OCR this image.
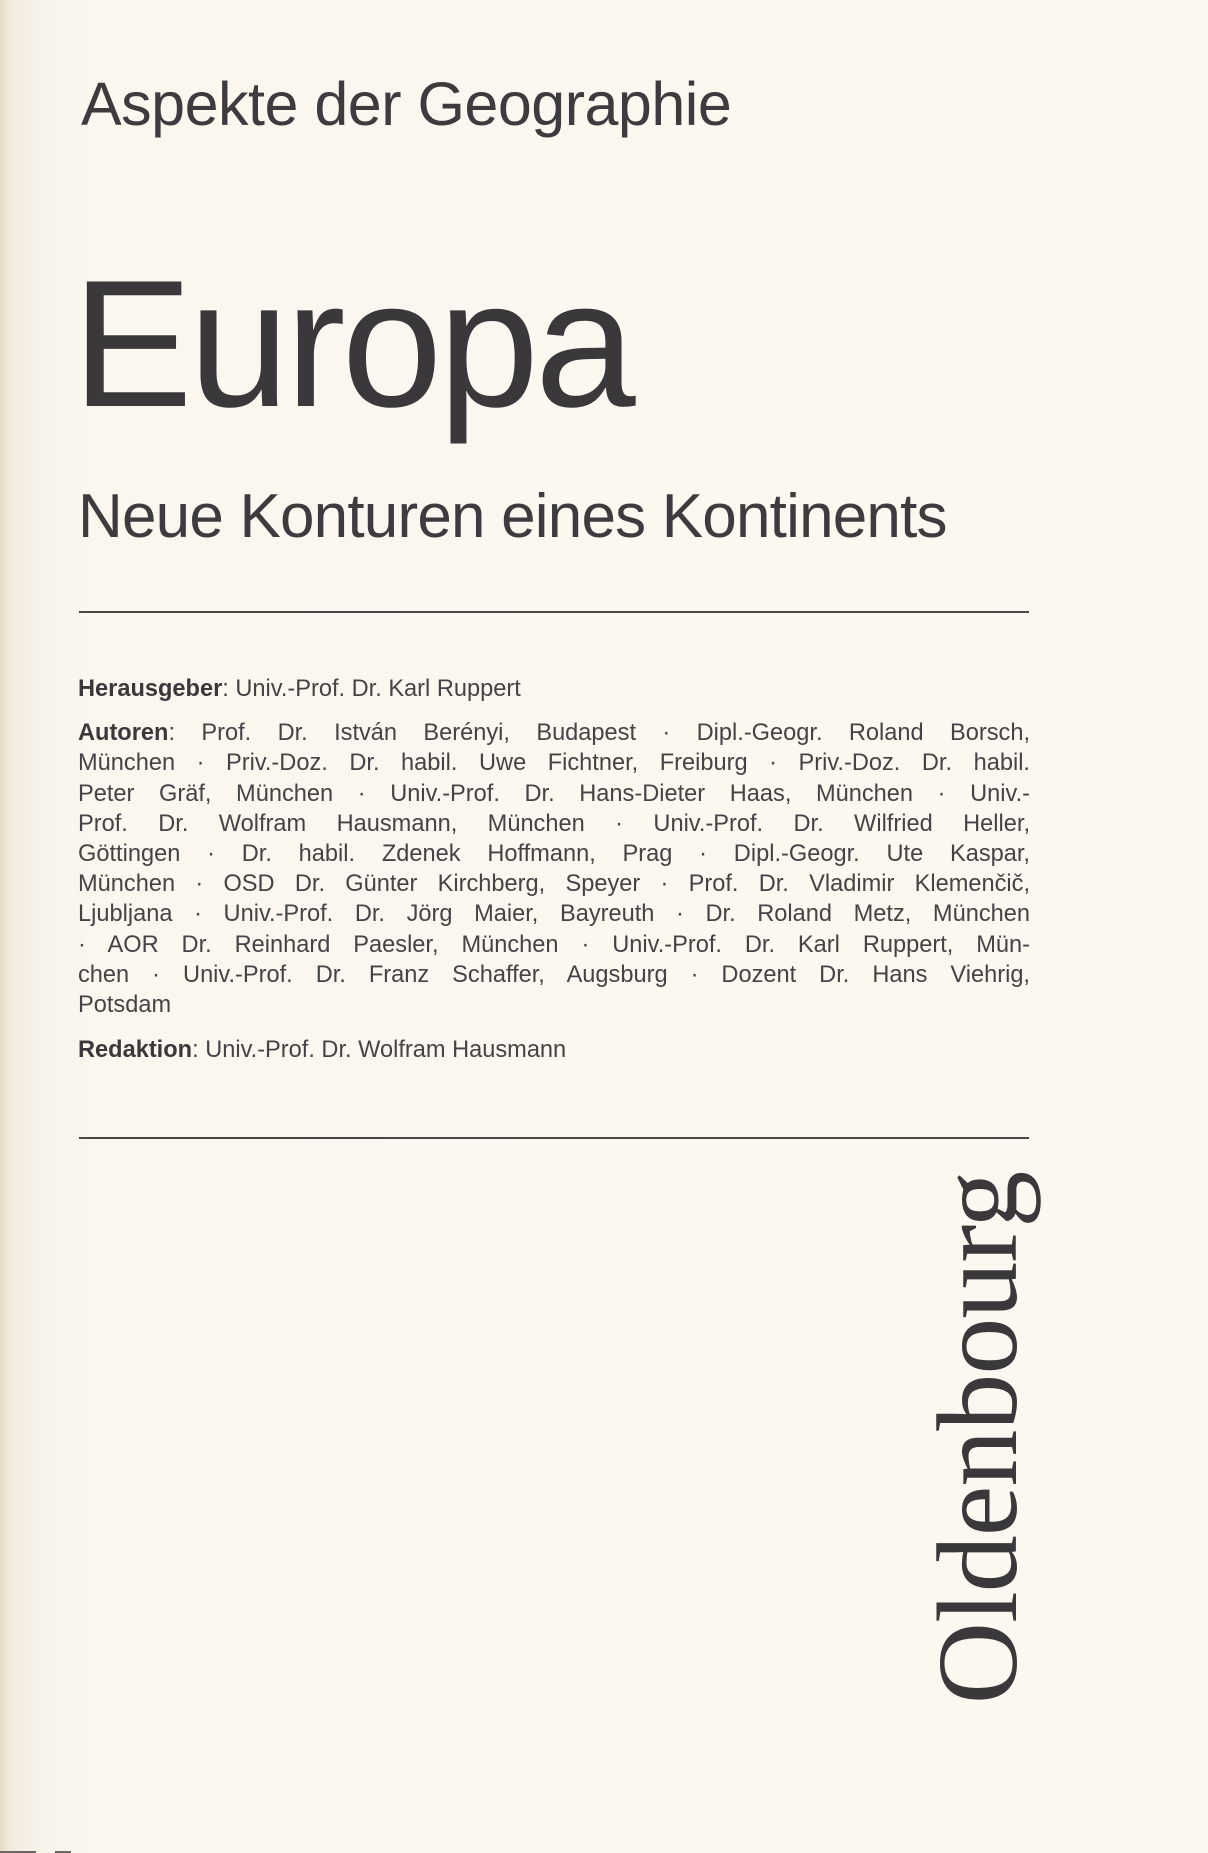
Aspekte der Geographie
Europa
Neue Konturen eines Kontinents

Herausgeber: Univ.-Prof. Dr. Karl Ruppert

Autoren: Prof. Dr. István Berényi, Budapest · Dipl.-Geogr. Roland Borsch,
München · Priv.-Doz. Dr. habil. Uwe Fichtner, Freiburg · Priv.-Doz. Dr. habil.
Peter Gräf, München · Univ.-Prof. Dr. Hans-Dieter Haas, München · Univ.-
Prof. Dr. Wolfram Hausmann, München · Univ.-Prof. Dr. Wilfried Heller,
Göttingen · Dr. habil. Zdenek Hoffmann, Prag · Dipl.-Geogr. Ute Kaspar,
München · OSD Dr. Günter Kirchberg, Speyer · Prof. Dr. Vladimir Klemenčič,
Ljubljana · Univ.-Prof. Dr. Jörg Maier, Bayreuth · Dr. Roland Metz, München
· AOR Dr. Reinhard Paesler, München · Univ.-Prof. Dr. Karl Ruppert, Mün-
chen · Univ.-Prof. Dr. Franz Schaffer, Augsburg · Dozent Dr. Hans Viehrig,
Potsdam

Redaktion: Univ.-Prof. Dr. Wolfram Hausmann

Oldenbourg
